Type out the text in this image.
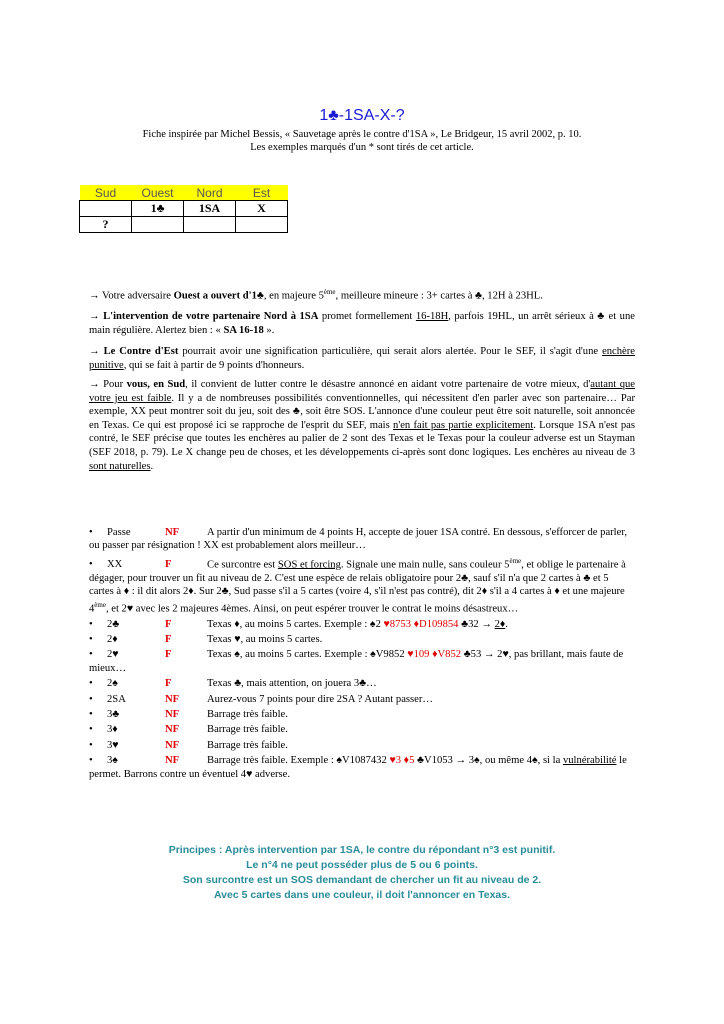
1♣-1SA-X-?
Fiche inspirée par Michel Bessis, « Sauvetage après le contre d'1SA », Le Bridgeur, 15 avril 2002, p. 10.
Les exemples marqués d'un * sont tirés de cet article.
Sud	Ouest	Nord	Est
	1♣	1SA	X
?			
→ Votre adversaire Ouest a ouvert d'1♣, en majeure 5ème, meilleure mineure : 3+ cartes à ♣, 12H à 23HL.
→ L'intervention de votre partenaire Nord à 1SA promet formellement 16-18H, parfois 19HL, un arrêt sérieux à ♣ et une main régulière. Alertez bien : « SA 16-18 ».
→ Le Contre d'Est pourrait avoir une signification particulière, qui serait alors alertée. Pour le SEF, il s'agit d'une enchère punitive, qui se fait à partir de 9 points d'honneurs.
→ Pour vous, en Sud, il convient de lutter contre le désastre annoncé en aidant votre partenaire de votre mieux, d'autant que votre jeu est faible. Il y a de nombreuses possibilités conventionnelles, qui nécessitent d'en parler avec son partenaire… Par exemple, XX peut montrer soit du jeu, soit des ♣, soit être SOS. L'annonce d'une couleur peut être soit naturelle, soit annoncée en Texas. Ce qui est proposé ici se rapproche de l'esprit du SEF, mais n'en fait pas partie explicitement. Lorsque 1SA n'est pas contré, le SEF précise que toutes les enchères au palier de 2 sont des Texas et le Texas pour la couleur adverse est un Stayman (SEF 2018, p. 79). Le X change peu de choses, et les développements ci-après sont donc logiques. Les enchères au niveau de 3 sont naturelles.
• Passe	NF	A partir d'un minimum de 4 points H, accepte de jouer 1SA contré. En dessous, s'efforcer de parler, ou passer par résignation ! XX est probablement alors meilleur…
• XX	F	Ce surcontre est SOS et forcing. Signale une main nulle, sans couleur 5ème, et oblige le partenaire à dégager, pour trouver un fit au niveau de 2. C'est une espèce de relais obligatoire pour 2♣, sauf s'il n'a que 2 cartes à ♣ et 5 cartes à ♦ : il dit alors 2♦. Sur 2♣, Sud passe s'il a 5 cartes (voire 4, s'il n'est pas contré), dit 2♦ s'il a 4 cartes à ♦ et une majeure 4ème, et 2♥ avec les 2 majeures 4èmes. Ainsi, on peut espérer trouver le contrat le moins désastreux…
• 2♣	F	Texas ♦, au moins 5 cartes. Exemple : ♠2 ♥8753 ♦D109854 ♣32 → 2♦.
• 2♦	F	Texas ♥, au moins 5 cartes.
• 2♥	F	Texas ♠, au moins 5 cartes. Exemple : ♠V9852 ♥109 ♦V852 ♣53 → 2♥, pas brillant, mais faute de mieux…
• 2♠	F	Texas ♣, mais attention, on jouera 3♣…
• 2SA	NF	Aurez-vous 7 points pour dire 2SA ? Autant passer…
• 3♣	NF	Barrage très faible.
• 3♦	NF	Barrage très faible.
• 3♥	NF	Barrage très faible.
• 3♠	NF	Barrage très faible. Exemple : ♠V1087432 ♥3 ♦5 ♣V1053 → 3♠, ou même 4♠, si la vulnérabilité le permet. Barrons contre un éventuel 4♥ adverse.
Principes : Après intervention par 1SA, le contre du répondant n°3 est punitif.
Le n°4 ne peut posséder plus de 5 ou 6 points.
Son surcontre est un SOS demandant de chercher un fit au niveau de 2.
Avec 5 cartes dans une couleur, il doit l'annoncer en Texas.
